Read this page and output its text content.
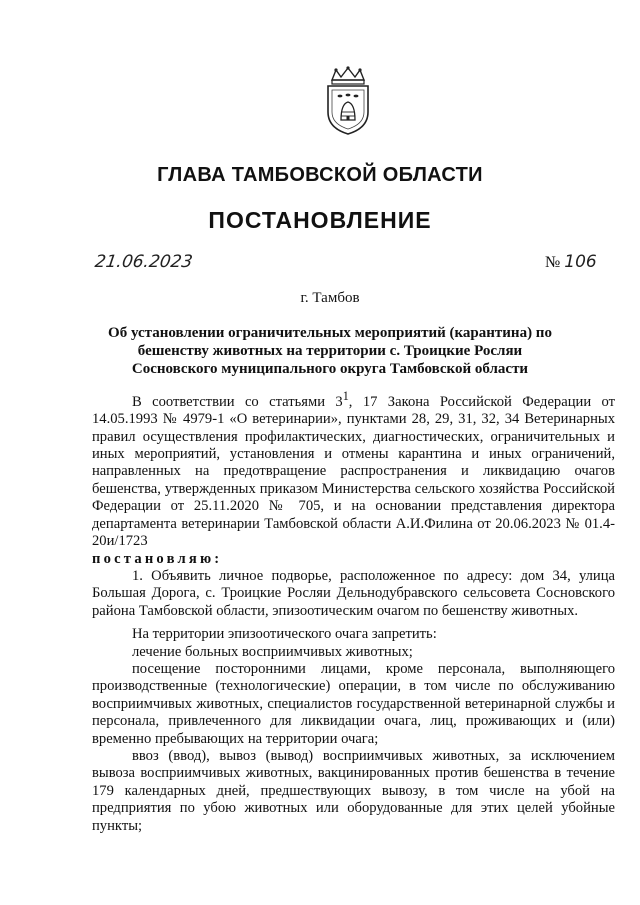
ГЛАВА ТАМБОВСКОЙ ОБЛАСТИ
ПОСТАНОВЛЕНИЕ
21.06.2023	№ 106
г. Тамбов
Об установлении ограничительных мероприятий (карантина) по бешенству животных на территории с. Троицкие Росляи Сосновского муниципального округа Тамбовской области

В соответствии со статьями $3^1$, 17 Закона Российской Федерации от 14.05.1993 № 4979-1 «О ветеринарии», пунктами 28, 29, 31, 32, 34 Ветеринарных правил осуществления профилактических, диагностических, ограничительных и иных мероприятий, установления и отмены карантина и иных ограничений, направленных на предотвращение распространения и ликвидацию очагов бешенства, утвержденных приказом Министерства сельского хозяйства Российской Федерации от 25.11.2020 № 705, и на основании представления директора департамента ветеринарии Тамбовской области А.И.Филина от 20.06.2023 № 01.4-20и/1723

постановляю:

1. Объявить личное подворье, расположенное по адресу: дом 34, улица Большая Дорога, с. Троицкие Росляи Дельнодубравского сельсовета Сосновского района Тамбовской области, эпизоотическим очагом по бешенству животных.

На территории эпизоотического очага запретить:

лечение больных восприимчивых животных;

посещение посторонними лицами, кроме персонала, выполняющего производственные (технологические) операции, в том числе по обслуживанию восприимчивых животных, специалистов государственной ветеринарной службы и персонала, привлеченного для ликвидации очага, лиц, проживающих и (или) временно пребывающих на территории очага;

ввоз (ввод), вывоз (вывод) восприимчивых животных, за исключением вывоза восприимчивых животных, вакцинированных против бешенства в течение 179 календарных дней, предшествующих вывозу, в том числе на убой на предприятия по убою животных или оборудованные для этих целей убойные пункты;
